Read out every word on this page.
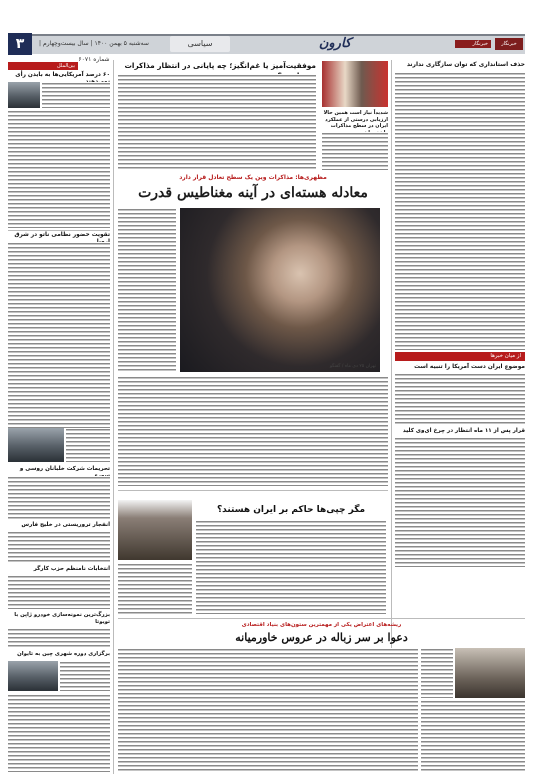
۳	سه‌شنبه ۵ بهمن ۱۴۰۰ | سال بیست‌وچهارم | شماره ۶۰۷۱
سیاسی	کارون	خبرنگار
بین‌الملل
۶۰ درصد آمریکایی‌ها به بایدن رأی
تقویت حضور نظامی ناتو در شرق
تحریمات شرکت خلبانان روسی و
انفجار تروریستی در خلیج فارس
انتخابات نامنظم حزب کارگر
بزرگ‌ترین نمونه‌سازی خودرو ژاپن با تویوتا
برگزاری دوره شهری چین به تایوان
موفقیت‌آمیز یا غم‌انگیز؛ چه پایانی در انتظار مذاکرات
شدیداً نیاز است همین حالا ارزیابی درستی از عملکرد ایران در سطح مذاکرات
خبرنگار
حذف استانداری که توان سازگاری ندارند
از میان خبرها
موضوع ایران دست آمریکا را تنبیه است
قرار پس از ۱۱ ماه انتظار در چرخ ای‌وی کلید
مظهری‌ها: مذاکرات وین یک سطح تعادل قرار دارد
معادله هسته‌ای در آینه مغناطیس قدرت
تهران ۲۵ دی ماه / گفتگو
مگر چپی‌ها حاکم بر ایران هستند؟
ریشه‌های اعتراض یکی از مهمترین ستون‌های بنیاد اقتصادی
دعوا بر سر زباله در عروس خاورمیانه
